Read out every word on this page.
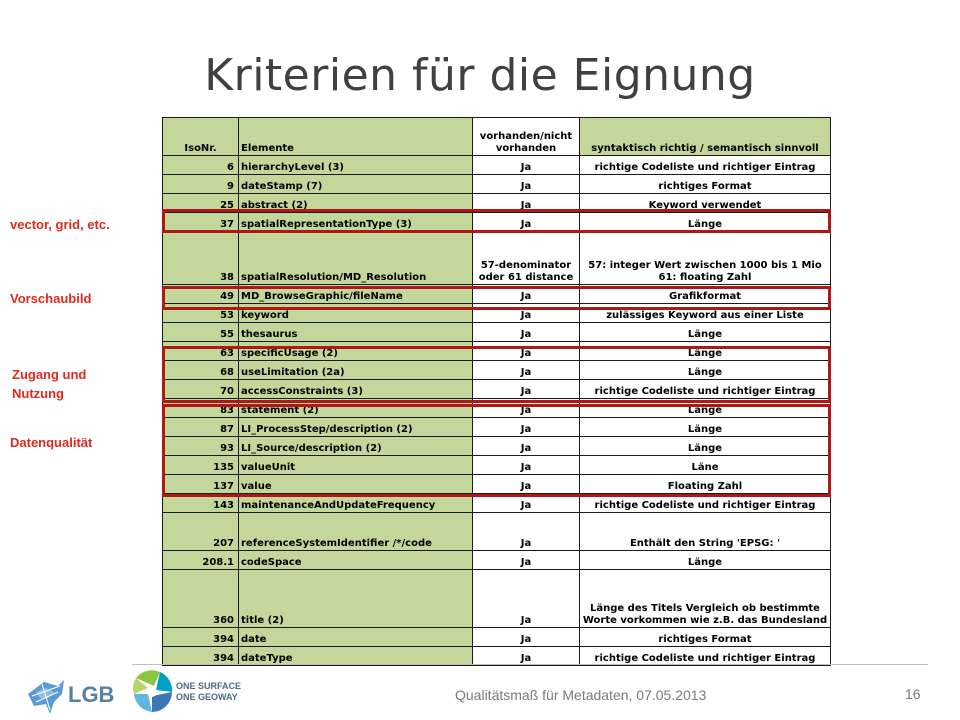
Kriterien für die Eignung
IsoNr.	Elemente	vorhanden/nicht vorhanden	syntaktisch richtig / semantisch sinnvoll
6	hierarchyLevel (3)	Ja	richtige Codeliste und richtiger Eintrag
9	dateStamp (7)	Ja	richtiges Format
25	abstract (2)	Ja	Keyword verwendet
37	spatialRepresentationType (3)	Ja	Länge
38	spatialResolution/MD_Resolution	57-denominator oder 61 distance	57: integer Wert zwischen 1000 bis 1 Mio 61: floating Zahl
49	MD_BrowseGraphic/fileName	Ja	Grafikformat
53	keyword	Ja	zulässiges Keyword aus einer Liste
55	thesaurus	Ja	Länge
63	specificUsage (2)	Ja	Länge
68	useLimitation (2a)	Ja	Länge
70	accessConstraints (3)	Ja	richtige Codeliste und richtiger Eintrag
83	statement (2)	Ja	Länge
87	LI_ProcessStep/description (2)	Ja	Länge
93	LI_Source/description (2)	Ja	Länge
135	valueUnit	Ja	Läne
137	value	Ja	Floating Zahl
143	maintenanceAndUpdateFrequency	Ja	richtige Codeliste und richtiger Eintrag
207	referenceSystemIdentifier /*/code	Ja	Enthält den String 'EPSG: '
208.1	codeSpace	Ja	Länge
360	title (2)	Ja	Länge des Titels Vergleich ob bestimmte Worte vorkommen wie z.B. das Bundesland
394	date	Ja	richtiges Format
394	dateType	Ja	richtige Codeliste und richtiger Eintrag
vector, grid, etc.
Vorschaubild
Zugang und
Nutzung
Datenqualität
LGB	ONE SURFACE
ONE GEOWAY	Qualitätsmaß für Metadaten, 07.05.2013	16
